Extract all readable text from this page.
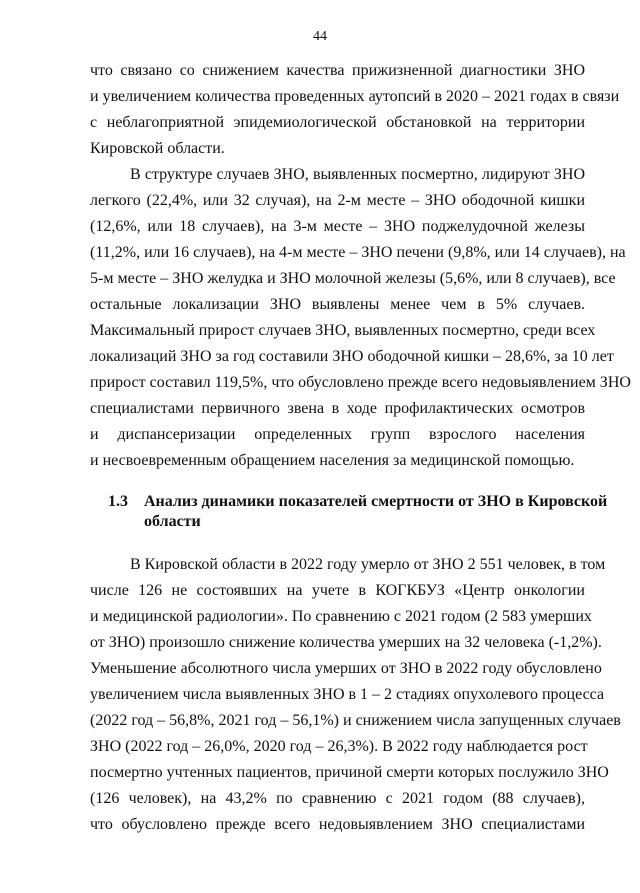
44
что связано со снижением качества прижизненной диагностики ЗНО
и увеличением количества проведенных аутопсий в 2020 – 2021 годах в связи
с неблагоприятной эпидемиологической обстановкой на территории
Кировской области.
В структуре случаев ЗНО, выявленных посмертно, лидируют ЗНО
легкого (22,4%, или 32 случая), на 2-м месте – ЗНО ободочной кишки
(12,6%, или 18 случаев), на 3-м месте – ЗНО поджелудочной железы
(11,2%, или 16 случаев), на 4-м месте – ЗНО печени (9,8%, или 14 случаев), на
5-м месте – ЗНО желудка и ЗНО молочной железы (5,6%, или 8 случаев), все
остальные локализации ЗНО выявлены менее чем в 5% случаев.
Максимальный прирост случаев ЗНО, выявленных посмертно, среди всех
локализаций ЗНО за год составили ЗНО ободочной кишки – 28,6%, за 10 лет
прирост составил 119,5%, что обусловлено прежде всего недовыявлением ЗНО
специалистами первичного звена в ходе профилактических осмотров
и диспансеризации определенных групп взрослого населения
и несвоевременным обращением населения за медицинской помощью.
1.3 Анализ динамики показателей смертности от ЗНО в Кировской
области
В Кировской области в 2022 году умерло от ЗНО 2 551 человек, в том
числе 126 не состоявших на учете в КОГКБУЗ «Центр онкологии
и медицинской радиологии». По сравнению с 2021 годом (2 583 умерших
от ЗНО) произошло снижение количества умерших на 32 человека (-1,2%).
Уменьшение абсолютного числа умерших от ЗНО в 2022 году обусловлено
увеличением числа выявленных ЗНО в 1 – 2 стадиях опухолевого процесса
(2022 год – 56,8%, 2021 год – 56,1%) и снижением числа запущенных случаев
ЗНО (2022 год – 26,0%, 2020 год – 26,3%). В 2022 году наблюдается рост
посмертно учтенных пациентов, причиной смерти которых послужило ЗНО
(126 человек), на 43,2% по сравнению с 2021 годом (88 случаев),
что обусловлено прежде всего недовыявлением ЗНО специалистами
